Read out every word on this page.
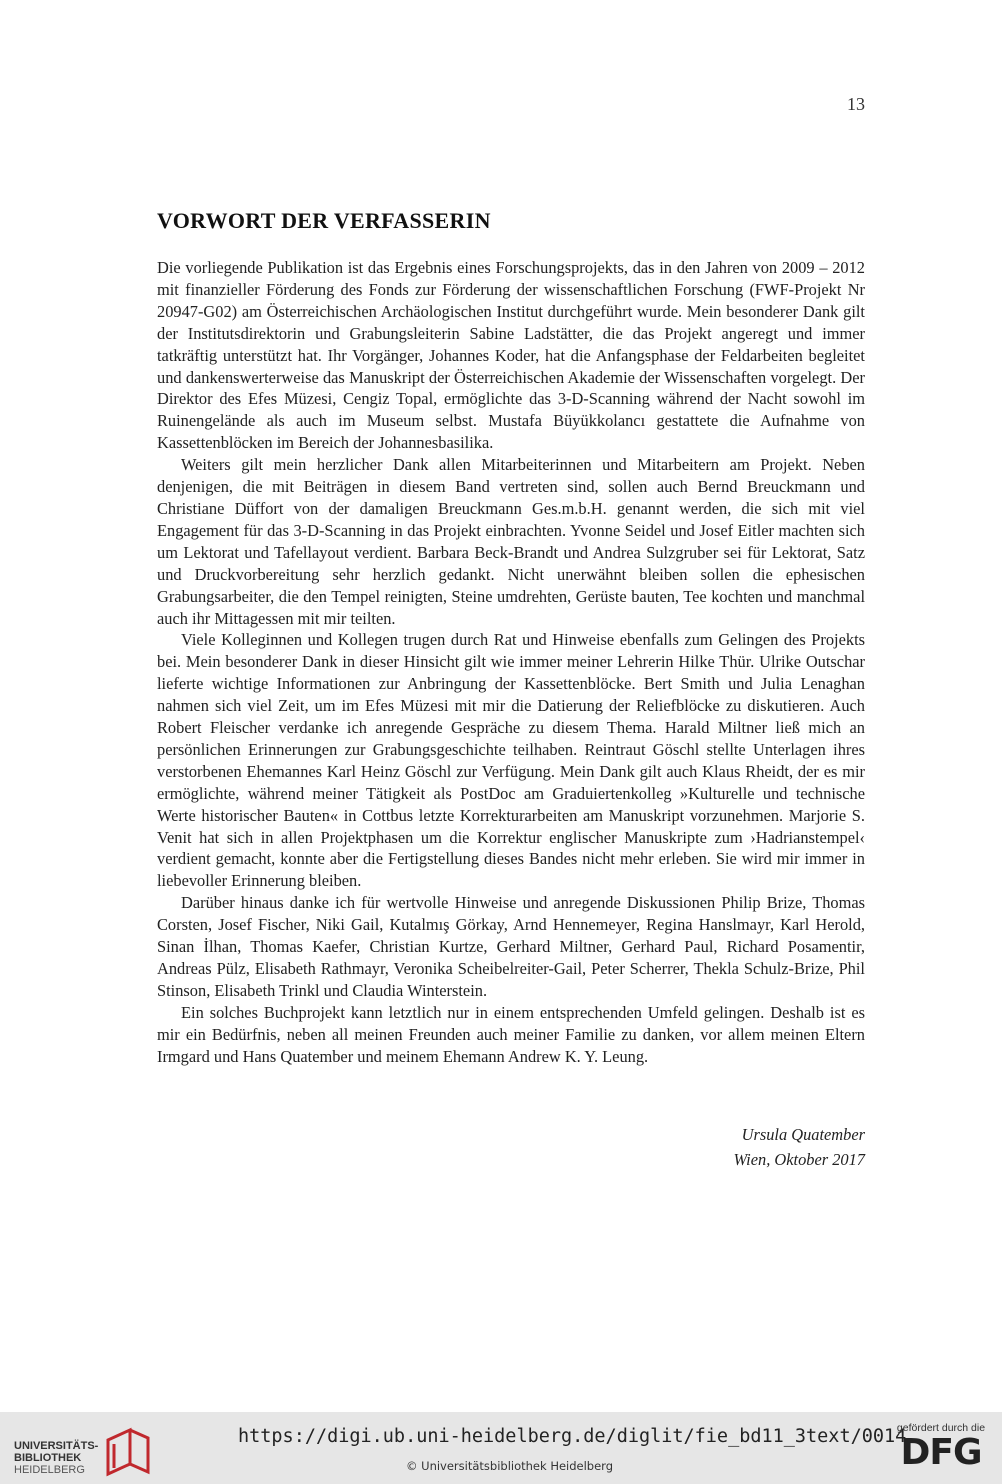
13
VORWORT DER VERFASSERIN

Die vorliegende Publikation ist das Ergebnis eines Forschungsprojekts, das in den Jahren von 2009 – 2012 mit finanzieller Förderung des Fonds zur Förderung der wissenschaftlichen Forschung (FWF-Projekt Nr 20947-G02) am Österreichischen Archäologischen Institut durchgeführt wurde. Mein besonderer Dank gilt der Institutsdirektorin und Grabungsleiterin Sabine Ladstätter, die das Projekt angeregt und immer tatkräftig unterstützt hat. Ihr Vorgänger, Johannes Koder, hat die Anfangsphase der Feldarbeiten begleitet und dankenswerterweise das Manuskript der Österreichischen Akademie der Wissenschaften vorgelegt. Der Direktor des Efes Müzesi, Cengiz Topal, ermöglichte das 3-D-Scanning während der Nacht sowohl im Ruinengelände als auch im Museum selbst. Mustafa Büyükkolancı gestattete die Aufnahme von Kassettenblöcken im Bereich der Johannesbasilika.

Weiters gilt mein herzlicher Dank allen Mitarbeiterinnen und Mitarbeitern am Projekt. Neben denjenigen, die mit Beiträgen in diesem Band vertreten sind, sollen auch Bernd Breuckmann und Christiane Düffort von der damaligen Breuckmann Ges.m.b.H. genannt werden, die sich mit viel Engagement für das 3-D-Scanning in das Projekt einbrachten. Yvonne Seidel und Josef Eitler machten sich um Lektorat und Tafellayout verdient. Barbara Beck-Brandt und Andrea Sulzgruber sei für Lektorat, Satz und Druckvorbereitung sehr herzlich gedankt. Nicht unerwähnt bleiben sollen die ephesischen Grabungsarbeiter, die den Tempel reinigten, Steine umdrehten, Gerüste bauten, Tee kochten und manchmal auch ihr Mittagessen mit mir teilten.

Viele Kolleginnen und Kollegen trugen durch Rat und Hinweise ebenfalls zum Gelingen des Projekts bei. Mein besonderer Dank in dieser Hinsicht gilt wie immer meiner Lehrerin Hilke Thür. Ulrike Outschar lieferte wichtige Informationen zur Anbringung der Kassettenblöcke. Bert Smith und Julia Lenaghan nahmen sich viel Zeit, um im Efes Müzesi mit mir die Datierung der Reliefblöcke zu diskutieren. Auch Robert Fleischer verdanke ich anregende Gespräche zu diesem Thema. Harald Miltner ließ mich an persönlichen Erinnerungen zur Grabungsgeschichte teilhaben. Reintraut Göschl stellte Unterlagen ihres verstorbenen Ehemannes Karl Heinz Göschl zur Verfügung. Mein Dank gilt auch Klaus Rheidt, der es mir ermöglichte, während meiner Tätigkeit als PostDoc am Graduiertenkolleg »Kulturelle und technische Werte historischer Bauten« in Cottbus letzte Korrekturarbeiten am Manuskript vorzunehmen. Marjorie S. Venit hat sich in allen Projektphasen um die Korrektur englischer Manuskripte zum ›Hadrianstempel‹ verdient gemacht, konnte aber die Fertigstellung dieses Bandes nicht mehr erleben. Sie wird mir immer in liebevoller Erinnerung bleiben.

Darüber hinaus danke ich für wertvolle Hinweise und anregende Diskussionen Philip Brize, Thomas Corsten, Josef Fischer, Niki Gail, Kutalmış Görkay, Arnd Hennemeyer, Regina Hanslmayr, Karl Herold, Sinan İlhan, Thomas Kaefer, Christian Kurtze, Gerhard Miltner, Gerhard Paul, Richard Posamentir, Andreas Pülz, Elisabeth Rathmayr, Veronika Scheibelreiter-Gail, Peter Scherrer, Thekla Schulz-Brize, Phil Stinson, Elisabeth Trinkl und Claudia Winterstein.

Ein solches Buchprojekt kann letztlich nur in einem entsprechenden Umfeld gelingen. Deshalb ist es mir ein Bedürfnis, neben all meinen Freunden auch meiner Familie zu danken, vor allem meinen Eltern Irmgard und Hans Quatember und meinem Ehemann Andrew K. Y. Leung.

Ursula Quatember
Wien, Oktober 2017
UNIVERSITÄTS-
BIBLIOTHEK
HEIDELBERG
https://digi.ub.uni-heidelberg.de/diglit/fie_bd11_3text/0014
© Universitätsbibliothek Heidelberg
gefördert durch die
DFG
